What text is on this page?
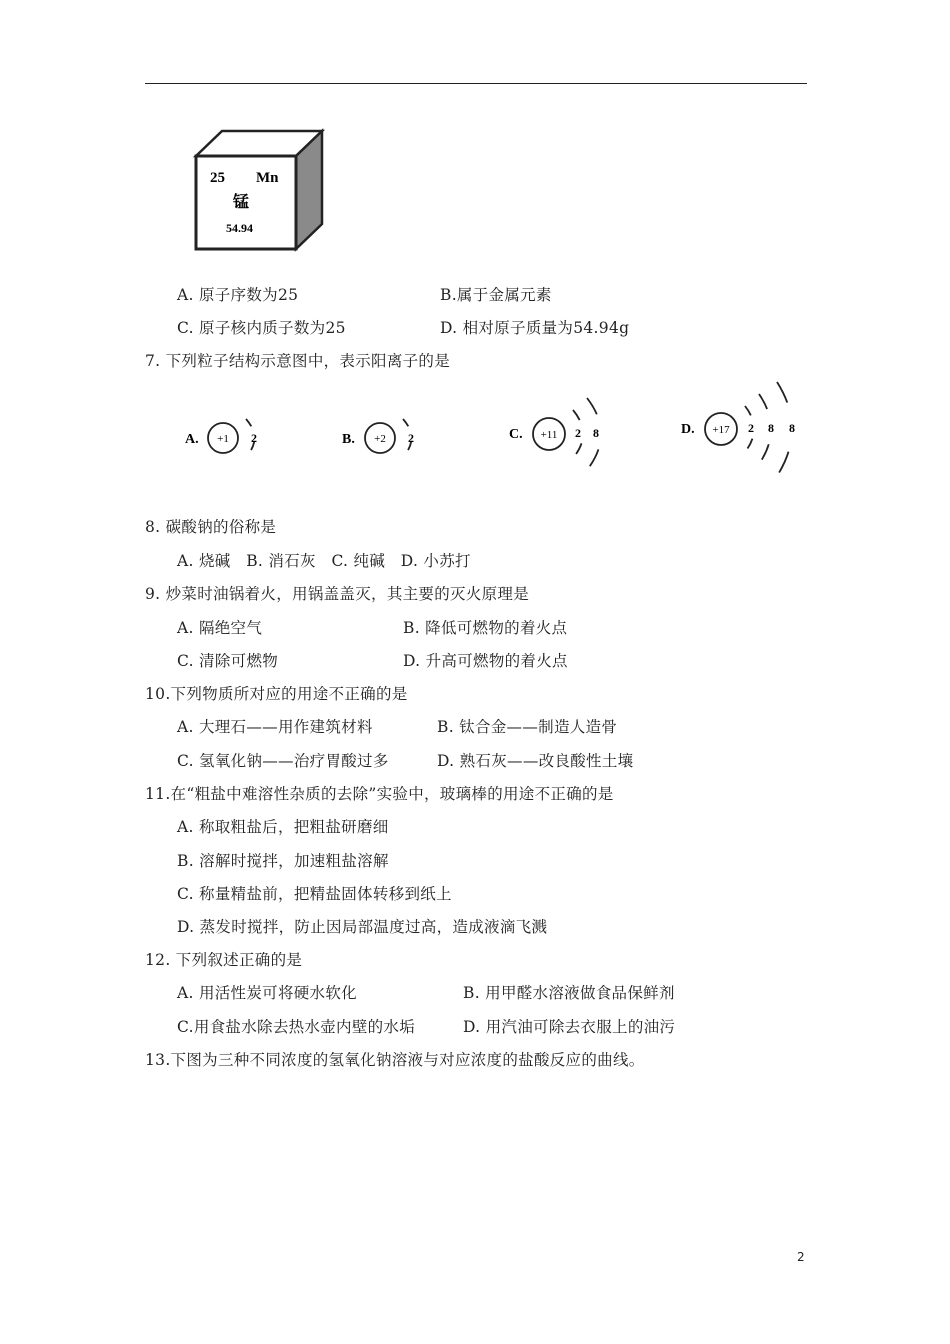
25 Mn
锰
54.94
A. 原子序数为25	B.属于金属元素
C. 原子核内质子数为25	D. 相对原子质量为54.94g
7. 下列粒子结构示意图中，表示阳离子的是
A. +1 2	B. +2 2	C. +11 2 8	D. +17 2 8 8
8. 碳酸钠的俗称是
A. 烧碱   B. 消石灰   C. 纯碱   D. 小苏打
9. 炒菜时油锅着火，用锅盖盖灭，其主要的灭火原理是
A. 隔绝空气	B. 降低可燃物的着火点
C. 清除可燃物	D. 升高可燃物的着火点
10.下列物质所对应的用途不正确的是
A. 大理石——用作建筑材料	B. 钛合金——制造人造骨
C. 氢氧化钠——治疗胃酸过多	D. 熟石灰——改良酸性土壤
11.在“粗盐中难溶性杂质的去除”实验中，玻璃棒的用途不正确的是
A. 称取粗盐后，把粗盐研磨细
B. 溶解时搅拌，加速粗盐溶解
C. 称量精盐前，把精盐固体转移到纸上
D. 蒸发时搅拌，防止因局部温度过高，造成液滴飞溅
12. 下列叙述正确的是
A. 用活性炭可将硬水软化	B. 用甲醛水溶液做食品保鲜剂
C.用食盐水除去热水壶内壁的水垢	D. 用汽油可除去衣服上的油污
13.下图为三种不同浓度的氢氧化钠溶液与对应浓度的盐酸反应的曲线。
2
